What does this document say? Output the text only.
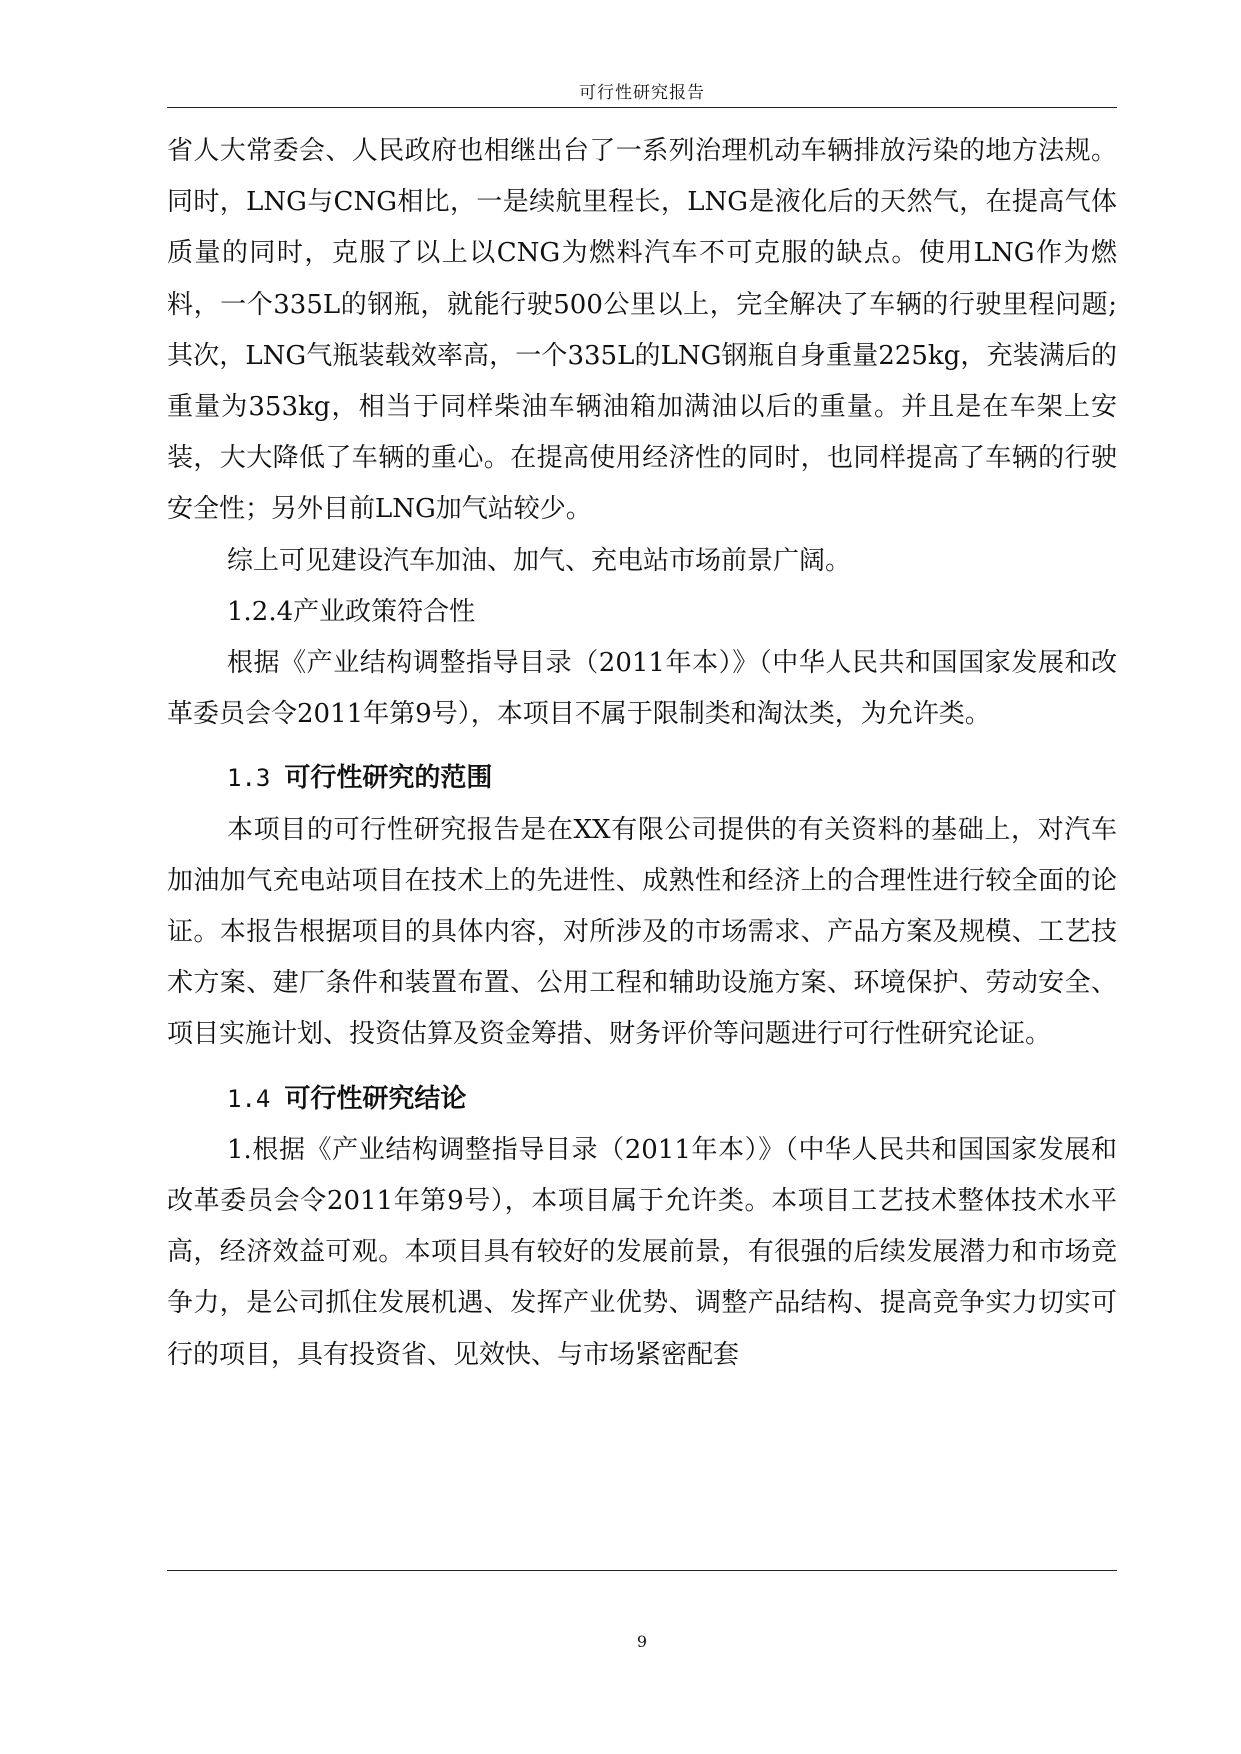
可行性研究报告

省人大常委会、人民政府也相继出台了一系列治理机动车辆排放污染的地方法规。同时，LNG与CNG相比，一是续航里程长，LNG是液化后的天然气，在提高气体质量的同时，克服了以上以CNG为燃料汽车不可克服的缺点。使用LNG作为燃料，一个335L的钢瓶，就能行驶500公里以上，完全解决了车辆的行驶里程问题;其次，LNG气瓶装载效率高，一个335L的LNG钢瓶自身重量225kg，充装满后的重量为353kg，相当于同样柴油车辆油箱加满油以后的重量。并且是在车架上安装，大大降低了车辆的重心。在提高使用经济性的同时，也同样提高了车辆的行驶安全性；另外目前LNG加气站较少。

综上可见建设汽车加油、加气、充电站市场前景广阔。

1.2.4产业政策符合性

根据《产业结构调整指导目录（2011年本）》（中华人民共和国国家发展和改革委员会令2011年第9号），本项目不属于限制类和淘汰类，为允许类。

1.3 可行性研究的范围

本项目的可行性研究报告是在XX有限公司提供的有关资料的基础上，对汽车加油加气充电站项目在技术上的先进性、成熟性和经济上的合理性进行较全面的论证。本报告根据项目的具体内容，对所涉及的市场需求、产品方案及规模、工艺技术方案、建厂条件和装置布置、公用工程和辅助设施方案、环境保护、劳动安全、项目实施计划、投资估算及资金筹措、财务评价等问题进行可行性研究论证。

1.4 可行性研究结论

1.根据《产业结构调整指导目录（2011年本）》（中华人民共和国国家发展和改革委员会令2011年第9号），本项目属于允许类。本项目工艺技术整体技术水平高，经济效益可观。本项目具有较好的发展前景，有很强的后续发展潜力和市场竞争力，是公司抓住发展机遇、发挥产业优势、调整产品结构、提高竞争实力切实可行的项目，具有投资省、见效快、与市场紧密配套

9
